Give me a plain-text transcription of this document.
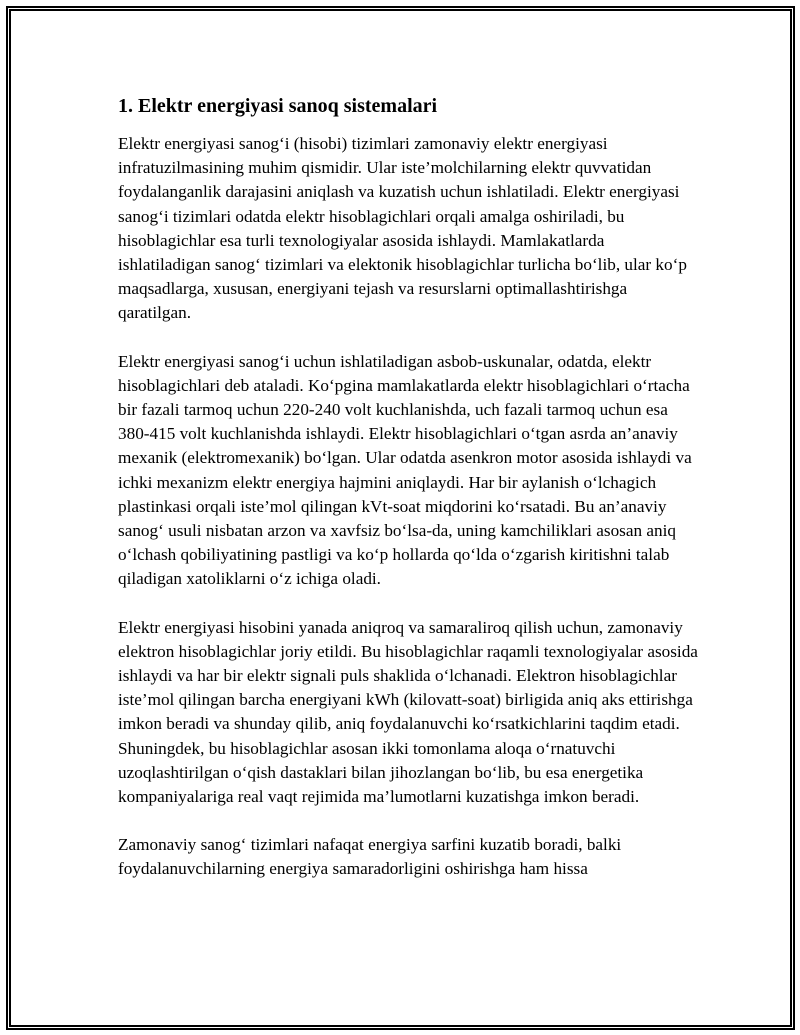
1. Elektr energiyasi sanoq sistemalari

Elektr energiyasi sanog‘i (hisobi) tizimlari zamonaviy elektr energiyasi infratuzilmasining muhim qismidir. Ular iste’molchilarning elektr quvvatidan foydalanganlik darajasini aniqlash va kuzatish uchun ishlatiladi. Elektr energiyasi sanog‘i tizimlari odatda elektr hisoblagichlari orqali amalga oshiriladi, bu hisoblagichlar esa turli texnologiyalar asosida ishlaydi. Mamlakatlarda ishlatiladigan sanog‘ tizimlari va elektonik hisoblagichlar turlicha bo‘lib, ular ko‘p maqsadlarga, xususan, energiyani tejash va resurslarni optimallashtirishga qaratilgan.

Elektr energiyasi sanog‘i uchun ishlatiladigan asbob-uskunalar, odatda, elektr hisoblagichlari deb ataladi. Ko‘pgina mamlakatlarda elektr hisoblagichlari o‘rtacha bir fazali tarmoq uchun 220-240 volt kuchlanishda, uch fazali tarmoq uchun esa 380-415 volt kuchlanishda ishlaydi. Elektr hisoblagichlari o‘tgan asrda an’anaviy mexanik (elektromexanik) bo‘lgan. Ular odatda asenkron motor asosida ishlaydi va ichki mexanizm elektr energiya hajmini aniqlaydi. Har bir aylanish o‘lchagich plastinkasi orqali iste’mol qilingan kVt-soat miqdorini ko‘rsatadi. Bu an’anaviy sanog‘ usuli nisbatan arzon va xavfsiz bo‘lsa-da, uning kamchiliklari asosan aniq o‘lchash qobiliyatining pastligi va ko‘p hollarda qo‘lda o‘zgarish kiritishni talab qiladigan xatoliklarni o‘z ichiga oladi.

Elektr energiyasi hisobini yanada aniqroq va samaraliroq qilish uchun, zamonaviy elektron hisoblagichlar joriy etildi. Bu hisoblagichlar raqamli texnologiyalar asosida ishlaydi va har bir elektr signali puls shaklida o‘lchanadi. Elektron hisoblagichlar iste’mol qilingan barcha energiyani kWh (kilovatt-soat) birligida aniq aks ettirishga imkon beradi va shunday qilib, aniq foydalanuvchi ko‘rsatkichlarini taqdim etadi. Shuningdek, bu hisoblagichlar asosan ikki tomonlama aloqa o‘rnatuvchi uzoqlashtirilgan o‘qish dastaklari bilan jihozlangan bo‘lib, bu esa energetika kompaniyalariga real vaqt rejimida ma’lumotlarni kuzatishga imkon beradi.

Zamonaviy sanog‘ tizimlari nafaqat energiya sarfini kuzatib boradi, balki foydalanuvchilarning energiya samaradorligini oshirishga ham hissa
